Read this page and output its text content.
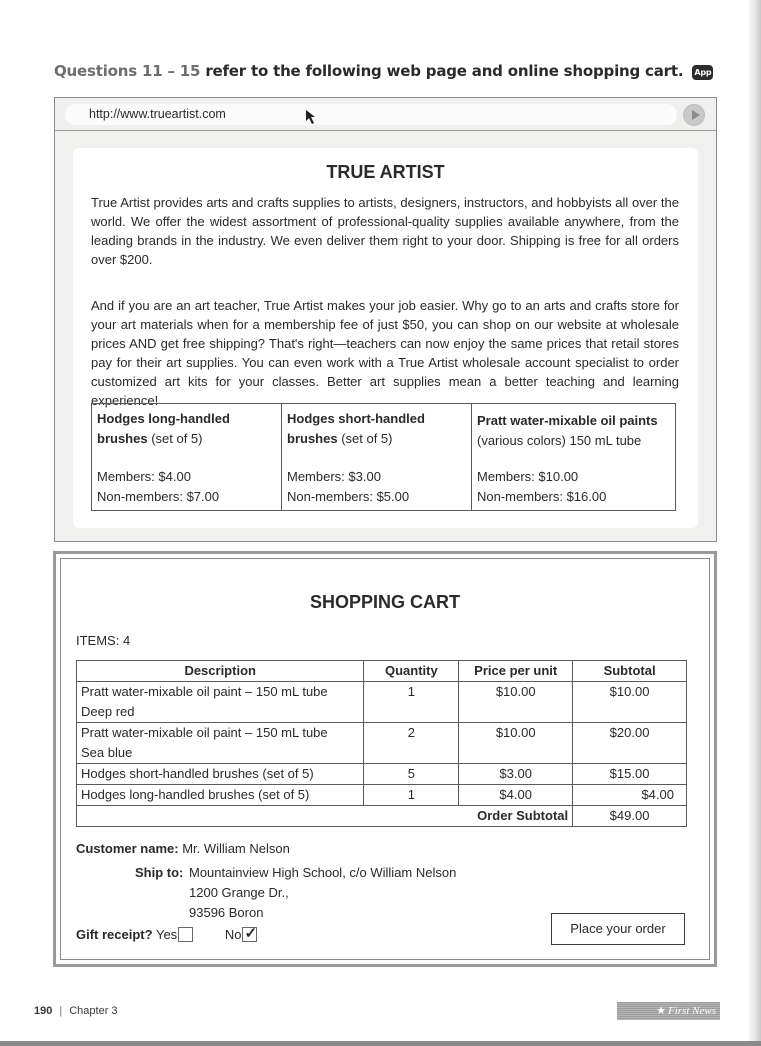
Questions 11 – 15 refer to the following web page and online shopping cart. App
http://www.trueartist.com
TRUE ARTIST

True Artist provides arts and crafts supplies to artists, designers, instructors, and hobbyists all over the world. We offer the widest assortment of professional-quality supplies available anywhere, from the leading brands in the industry. We even deliver them right to your door. Shipping is free for all orders over $200.

And if you are an art teacher, True Artist makes your job easier. Why go to an arts and crafts store for your art materials when for a membership fee of just $50, you can shop on our website at wholesale prices AND get free shipping? That's right—teachers can now enjoy the same prices that retail stores pay for their art supplies. You can even work with a True Artist wholesale account specialist to order customized art kits for your classes. Better art supplies mean a better teaching and learning experience!

Hodges long-handled brushes (set of 5)
Members: $4.00
Non-members: $7.00
Hodges short-handled brushes (set of 5)
Members: $3.00
Non-members: $5.00
Pratt water-mixable oil paints
(various colors) 150 mL tube
Members: $10.00
Non-members: $16.00
SHOPPING CART
ITEMS: 4
Description	Quantity	Price per unit	Subtotal

Pratt water-mixable oil paint – 150 mL tube
Deep red	1	$10.00	$10.00

Pratt water-mixable oil paint – 150 mL tube
Sea blue	2	$10.00	$20.00
Hodges short-handled brushes (set of 5)	5	$3.00	$15.00
Hodges long-handled brushes (set of 5)	1	$4.00	$4.00
		Order Subtotal	$49.00
Customer name: Mr. William Nelson
Ship to: Mountainview High School, c/o William Nelson
1200 Grange Dr.,
93596 Boron
Gift receipt? Yes	No ✓	Place your order
190 | Chapter 3	★ First News
